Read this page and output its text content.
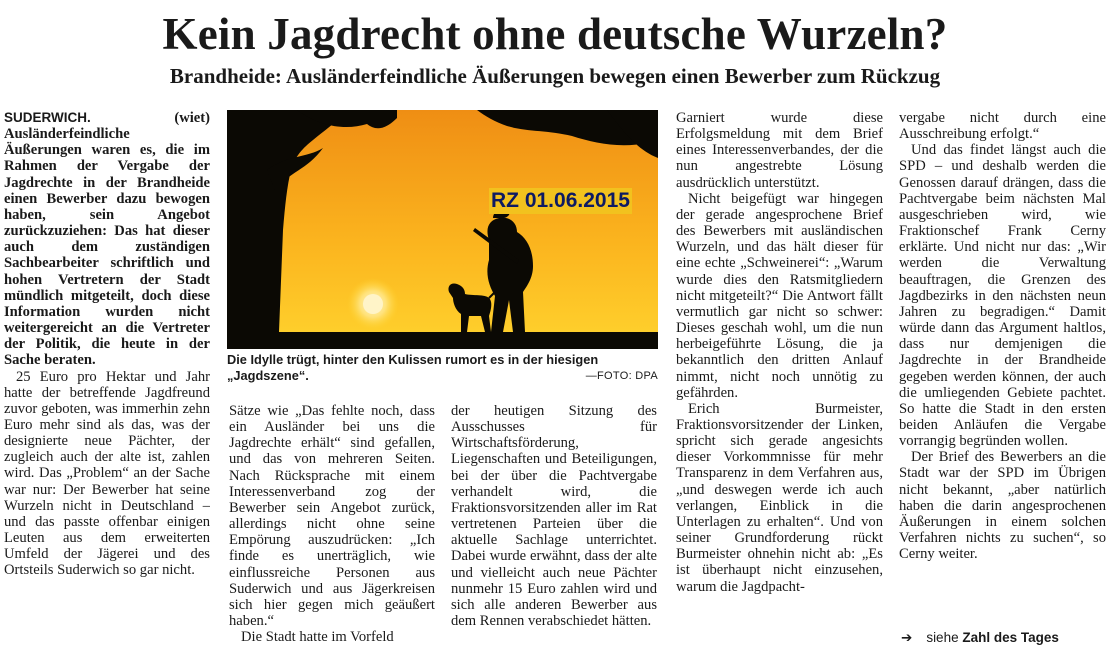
Kein Jagdrecht ohne deutsche Wurzeln?
Brandheide: Ausländerfeindliche Äußerungen bewegen einen Bewerber zum Rückzug

SUDERWICH.	(wiet) Ausländerfeindliche Äußerungen waren es, die im Rahmen der Vergabe der Jagdrechte in der Brandheide einen Bewerber dazu bewogen haben, sein Angebot zurückzuziehen: Das hat dieser auch dem zuständigen Sachbearbeiter schriftlich und hohen Vertretern der Stadt mündlich mitgeteilt, doch diese Information wurden nicht weitergereicht an die Vertreter der Politik, die heute in der Sache beraten.

25 Euro pro Hektar und Jahr hatte der betreffende Jagdfreund zuvor geboten, was immerhin zehn Euro mehr sind als das, was der designierte neue Pächter, der zugleich auch der alte ist, zahlen wird. Das „Problem“ an der Sache war nur: Der Bewerber hat seine Wurzeln nicht in Deutschland – und das passte offenbar einigen Leuten aus dem erweiterten Umfeld der Jägerei und des Ortsteils Suderwich so gar nicht.

RZ 01.06.2015
Die Idylle trügt, hinter den Kulissen rumort es in der hiesigen „Jagdszene“.	—FOTO: DPA

Sätze wie „Das fehlte noch, dass ein Ausländer bei uns die Jagdrechte erhält“ sind gefallen, und das von mehreren Seiten. Nach Rücksprache mit einem Interessenverband zog der Bewerber sein Angebot zurück, allerdings nicht ohne seine Empörung auszudrücken: „Ich finde es unerträglich, wie einflussreiche Personen aus Suderwich und aus Jägerkreisen sich hier gegen mich geäußert haben.“

Die Stadt hatte im Vorfeld

der heutigen Sitzung des Ausschusses für Wirtschaftsförderung, Liegenschaften und Beteiligungen, bei der über die Pachtvergabe verhandelt wird, die Fraktionsvorsitzenden aller im Rat vertretenen Parteien über die aktuelle Sachlage unterrichtet. Dabei wurde erwähnt, dass der alte und vielleicht auch neue Pächter nunmehr 15 Euro zahlen wird und sich alle anderen Bewerber aus dem Rennen verabschiedet hätten.

Garniert wurde diese Erfolgsmeldung mit dem Brief eines Interessenverbandes, der die nun angestrebte Lösung ausdrücklich unterstützt.

Nicht beigefügt war hingegen der gerade angesprochene Brief des Bewerbers mit ausländischen Wurzeln, und das hält dieser für eine echte „Schweinerei“: „Warum wurde dies den Ratsmitgliedern nicht mitgeteilt?“ Die Antwort fällt vermutlich gar nicht so schwer: Dieses geschah wohl, um die nun herbeigeführte Lösung, die ja bekanntlich den dritten Anlauf nimmt, nicht noch unnötig zu gefährden.

Erich Burmeister, Fraktionsvorsitzender der Linken, spricht sich gerade angesichts dieser Vorkommnisse für mehr Transparenz in dem Verfahren aus, „und deswegen werde ich auch verlangen, Einblick in die Unterlagen zu erhalten“. Und von seiner Grundforderung rückt Burmeister ohnehin nicht ab: „Es ist überhaupt nicht einzusehen, warum die Jagdpacht-

vergabe nicht durch eine Ausschreibung erfolgt.“

Und das findet längst auch die SPD – und deshalb werden die Genossen darauf drängen, dass die Pachtvergabe beim nächsten Mal ausgeschrieben wird, wie Fraktionschef Frank Cerny erklärte. Und nicht nur das: „Wir werden die Verwaltung beauftragen, die Grenzen des Jagdbezirks in den nächsten neun Jahren zu begradigen.“ Damit würde dann das Argument haltlos, dass nur demjenigen die Jagdrechte in der Brandheide gegeben werden können, der auch die umliegenden Gebiete pachtet. So hatte die Stadt in den ersten beiden Anläufen die Vergabe vorrangig begründen wollen.

Der Brief des Bewerbers an die Stadt war der SPD im Übrigen nicht bekannt, „aber natürlich haben die darin angesprochenen Äußerungen in einem solchen Verfahren nichts zu suchen“, so Cerny weiter.

➔ siehe Zahl des Tages
